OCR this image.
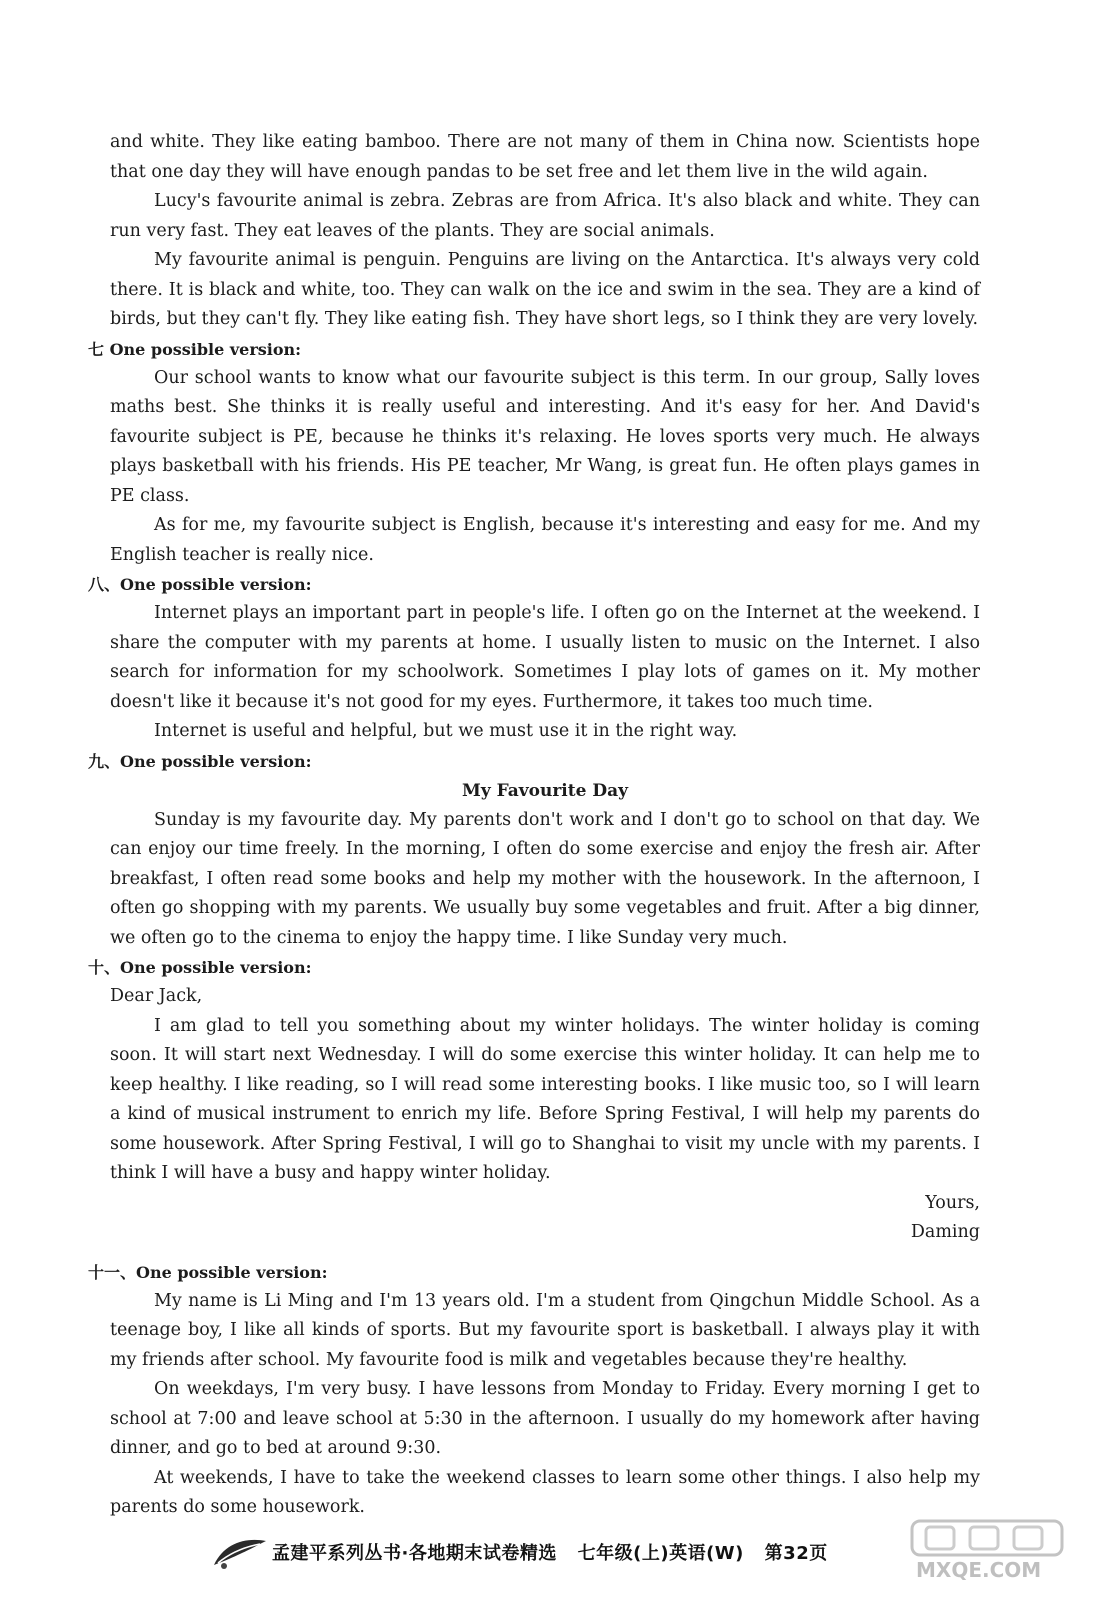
and white. They like eating bamboo. There are not many of them in China now. Scientists hope that one day they will have enough pandas to be set free and let them live in the wild again.

Lucy's favourite animal is zebra. Zebras are from Africa. It's also black and white. They can run very fast. They eat leaves of the plants. They are social animals.

My favourite animal is penguin. Penguins are living on the Antarctica. It's always very cold there. It is black and white, too. They can walk on the ice and swim in the sea. They are a kind of birds, but they can't fly. They like eating fish. They have short legs, so I think they are very lovely.

七 One possible version:

Our school wants to know what our favourite subject is this term. In our group, Sally loves maths best. She thinks it is really useful and interesting. And it's easy for her. And David's favourite subject is PE, because he thinks it's relaxing. He loves sports very much. He always plays basketball with his friends. His PE teacher, Mr Wang, is great fun. He often plays games in PE class.

As for me, my favourite subject is English, because it's interesting and easy for me. And my English teacher is really nice.

八、One possible version:

Internet plays an important part in people's life. I often go on the Internet at the weekend. I share the computer with my parents at home. I usually listen to music on the Internet. I also search for information for my schoolwork. Sometimes I play lots of games on it. My mother doesn't like it because it's not good for my eyes. Furthermore, it takes too much time.

Internet is useful and helpful, but we must use it in the right way.

九、One possible version:

My Favourite Day

Sunday is my favourite day. My parents don't work and I don't go to school on that day. We can enjoy our time freely. In the morning, I often do some exercise and enjoy the fresh air. After breakfast, I often read some books and help my mother with the housework. In the afternoon, I often go shopping with my parents. We usually buy some vegetables and fruit. After a big dinner, we often go to the cinema to enjoy the happy time. I like Sunday very much.

十、One possible version:

Dear Jack,

I am glad to tell you something about my winter holidays. The winter holiday is coming soon. It will start next Wednesday. I will do some exercise this winter holiday. It can help me to keep healthy. I like reading, so I will read some interesting books. I like music too, so I will learn a kind of musical instrument to enrich my life. Before Spring Festival, I will help my parents do some housework. After Spring Festival, I will go to Shanghai to visit my uncle with my parents. I think I will have a busy and happy winter holiday.

Yours,

Daming

十一、One possible version:

My name is Li Ming and I'm 13 years old. I'm a student from Qingchun Middle School. As a teenage boy, I like all kinds of sports. But my favourite sport is basketball. I always play it with my friends after school. My favourite food is milk and vegetables because they're healthy.

On weekdays, I'm very busy. I have lessons from Monday to Friday. Every morning I get to school at 7:00 and leave school at 5:30 in the afternoon. I usually do my homework after having dinner, and go to bed at around 9:30.

At weekends, I have to take the weekend classes to learn some other things. I also help my parents do some housework.

孟建平系列丛书·各地期末试卷精选 七年级(上)英语(W) 第32页
MXQE.COM
